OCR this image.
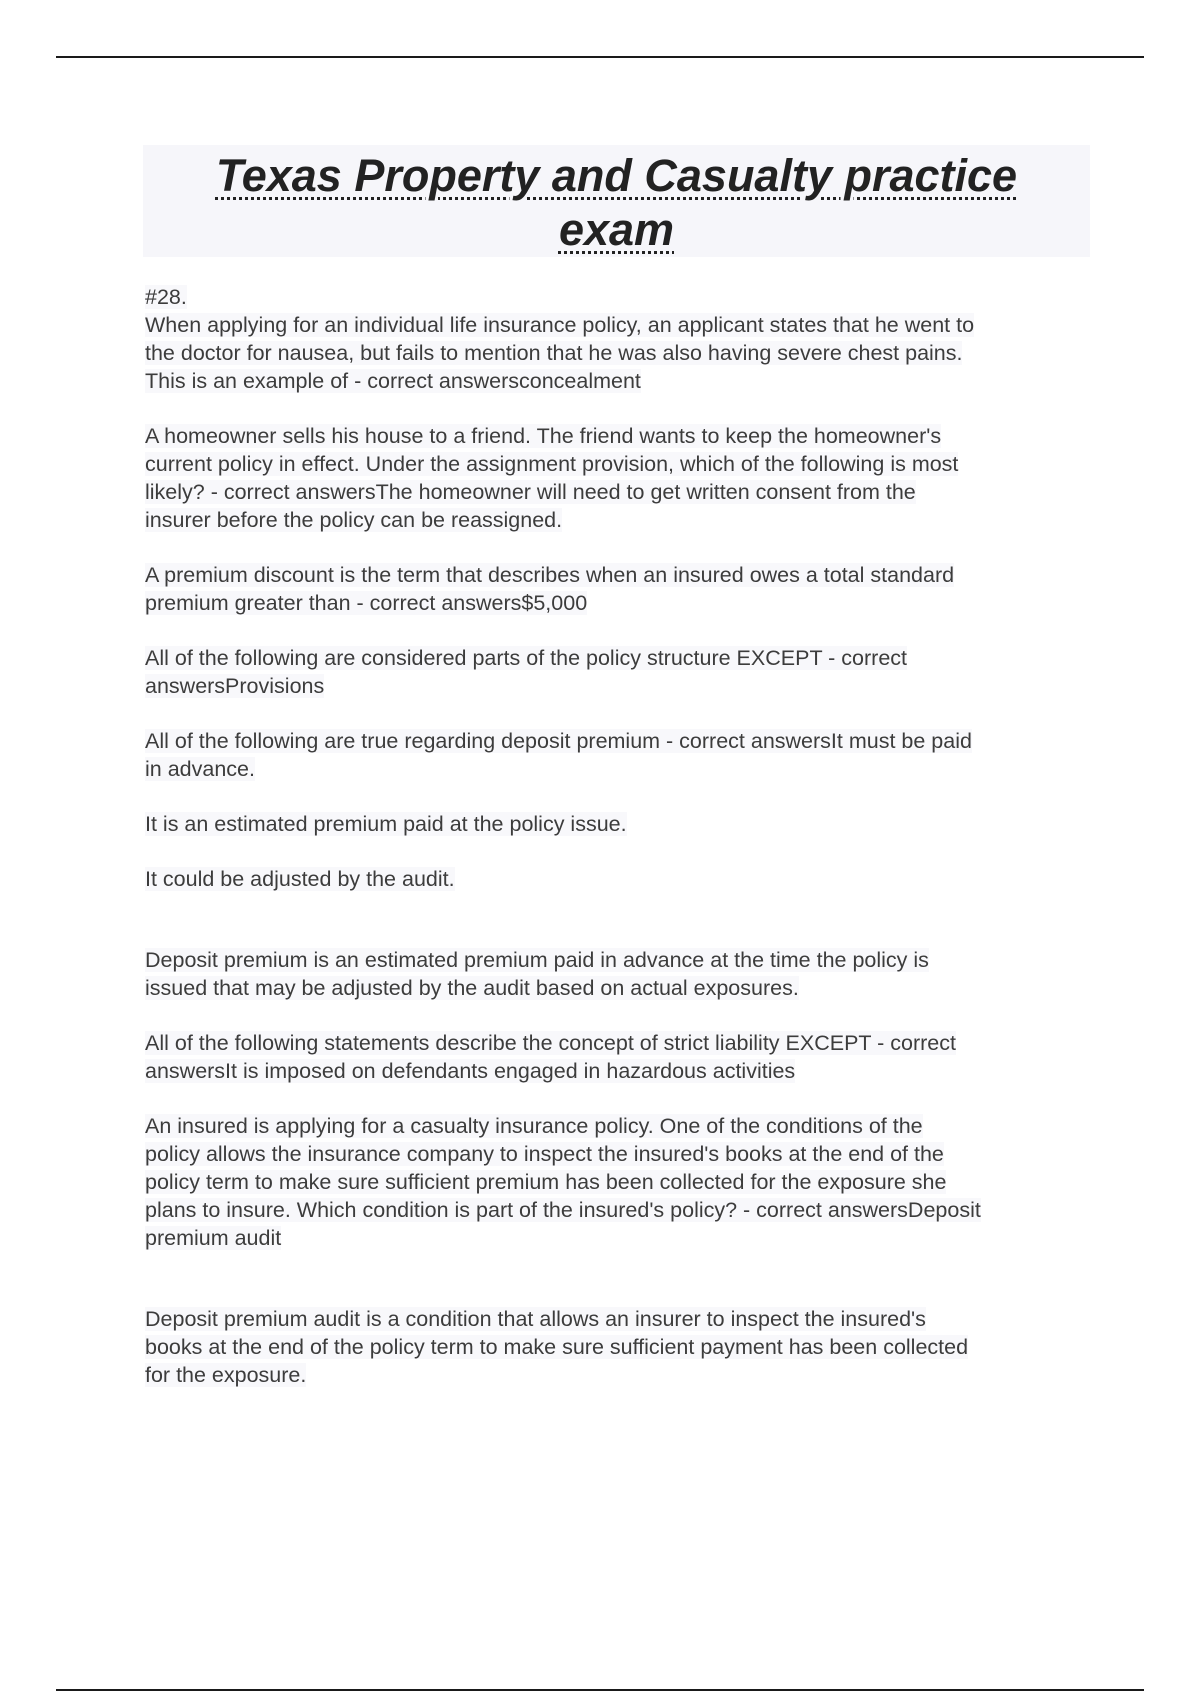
Texas Property and Casualty practice exam

#28.

When applying for an individual life insurance policy, an applicant states that he went to

the doctor for nausea, but fails to mention that he was also having severe chest pains.

This is an example of - correct answersconcealment

A homeowner sells his house to a friend. The friend wants to keep the homeowner's

current policy in effect. Under the assignment provision, which of the following is most

likely? - correct answersThe homeowner will need to get written consent from the

insurer before the policy can be reassigned.

A premium discount is the term that describes when an insured owes a total standard

premium greater than - correct answers$5,000

All of the following are considered parts of the policy structure EXCEPT - correct

answersProvisions

All of the following are true regarding deposit premium - correct answersIt must be paid

in advance.

It is an estimated premium paid at the policy issue.

It could be adjusted by the audit.

Deposit premium is an estimated premium paid in advance at the time the policy is

issued that may be adjusted by the audit based on actual exposures.

All of the following statements describe the concept of strict liability EXCEPT - correct

answersIt is imposed on defendants engaged in hazardous activities

An insured is applying for a casualty insurance policy. One of the conditions of the

policy allows the insurance company to inspect the insured's books at the end of the

policy term to make sure sufficient premium has been collected for the exposure she

plans to insure. Which condition is part of the insured's policy? - correct answersDeposit

premium audit

Deposit premium audit is a condition that allows an insurer to inspect the insured's

books at the end of the policy term to make sure sufficient payment has been collected

for the exposure.
